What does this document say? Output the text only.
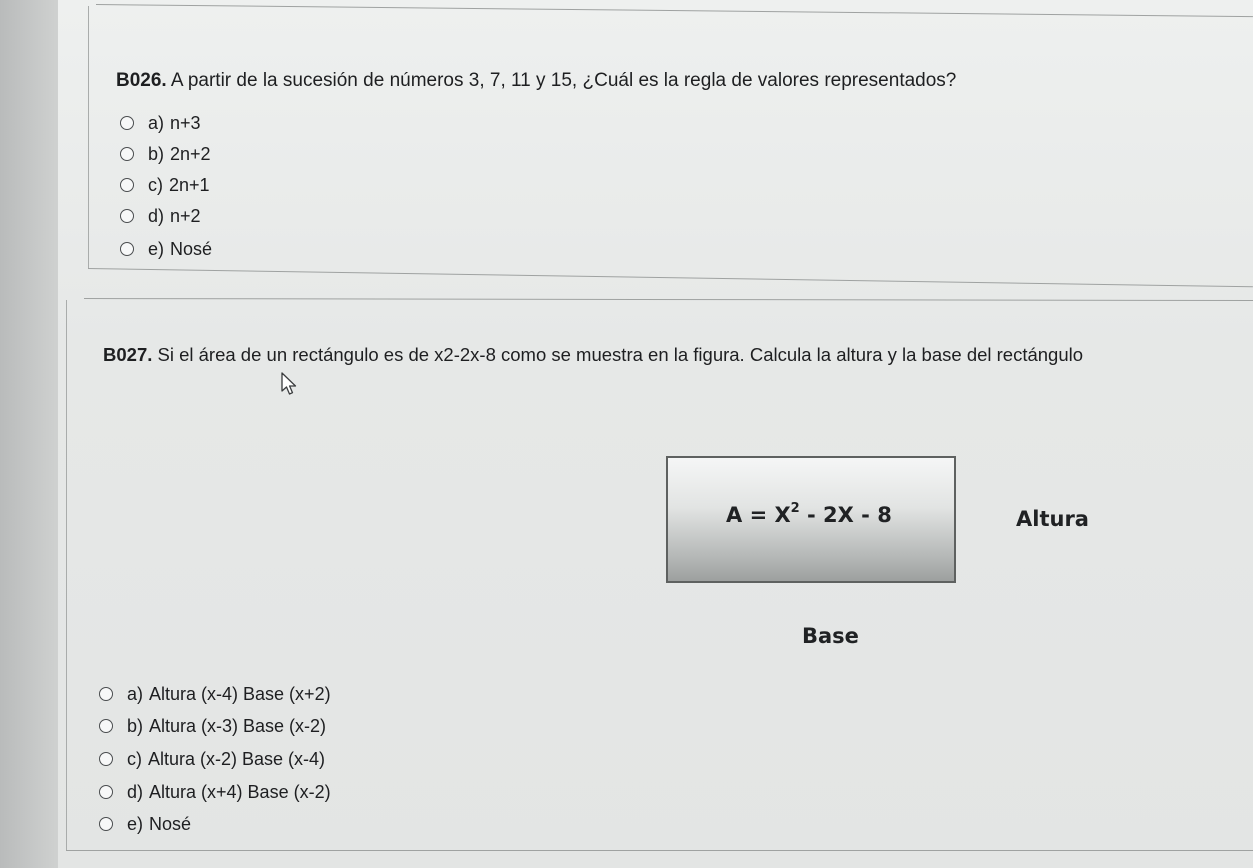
B026. A partir de la sucesión de números 3, 7, 11 y 15, ¿Cuál es la regla de valores representados?
a) n+3
b) 2n+2
c) 2n+1
d) n+2
e) Nosé
B027. Si el área de un rectángulo es de x2-2x-8 como se muestra en la figura. Calcula la altura y la base del rectángulo
$A = X^2 - 2X - 8$	Altura
Base
a) Altura (x-4) Base (x+2)
b) Altura (x-3) Base (x-2)
c) Altura (x-2) Base (x-4)
d) Altura (x+4) Base (x-2)
e) Nosé
